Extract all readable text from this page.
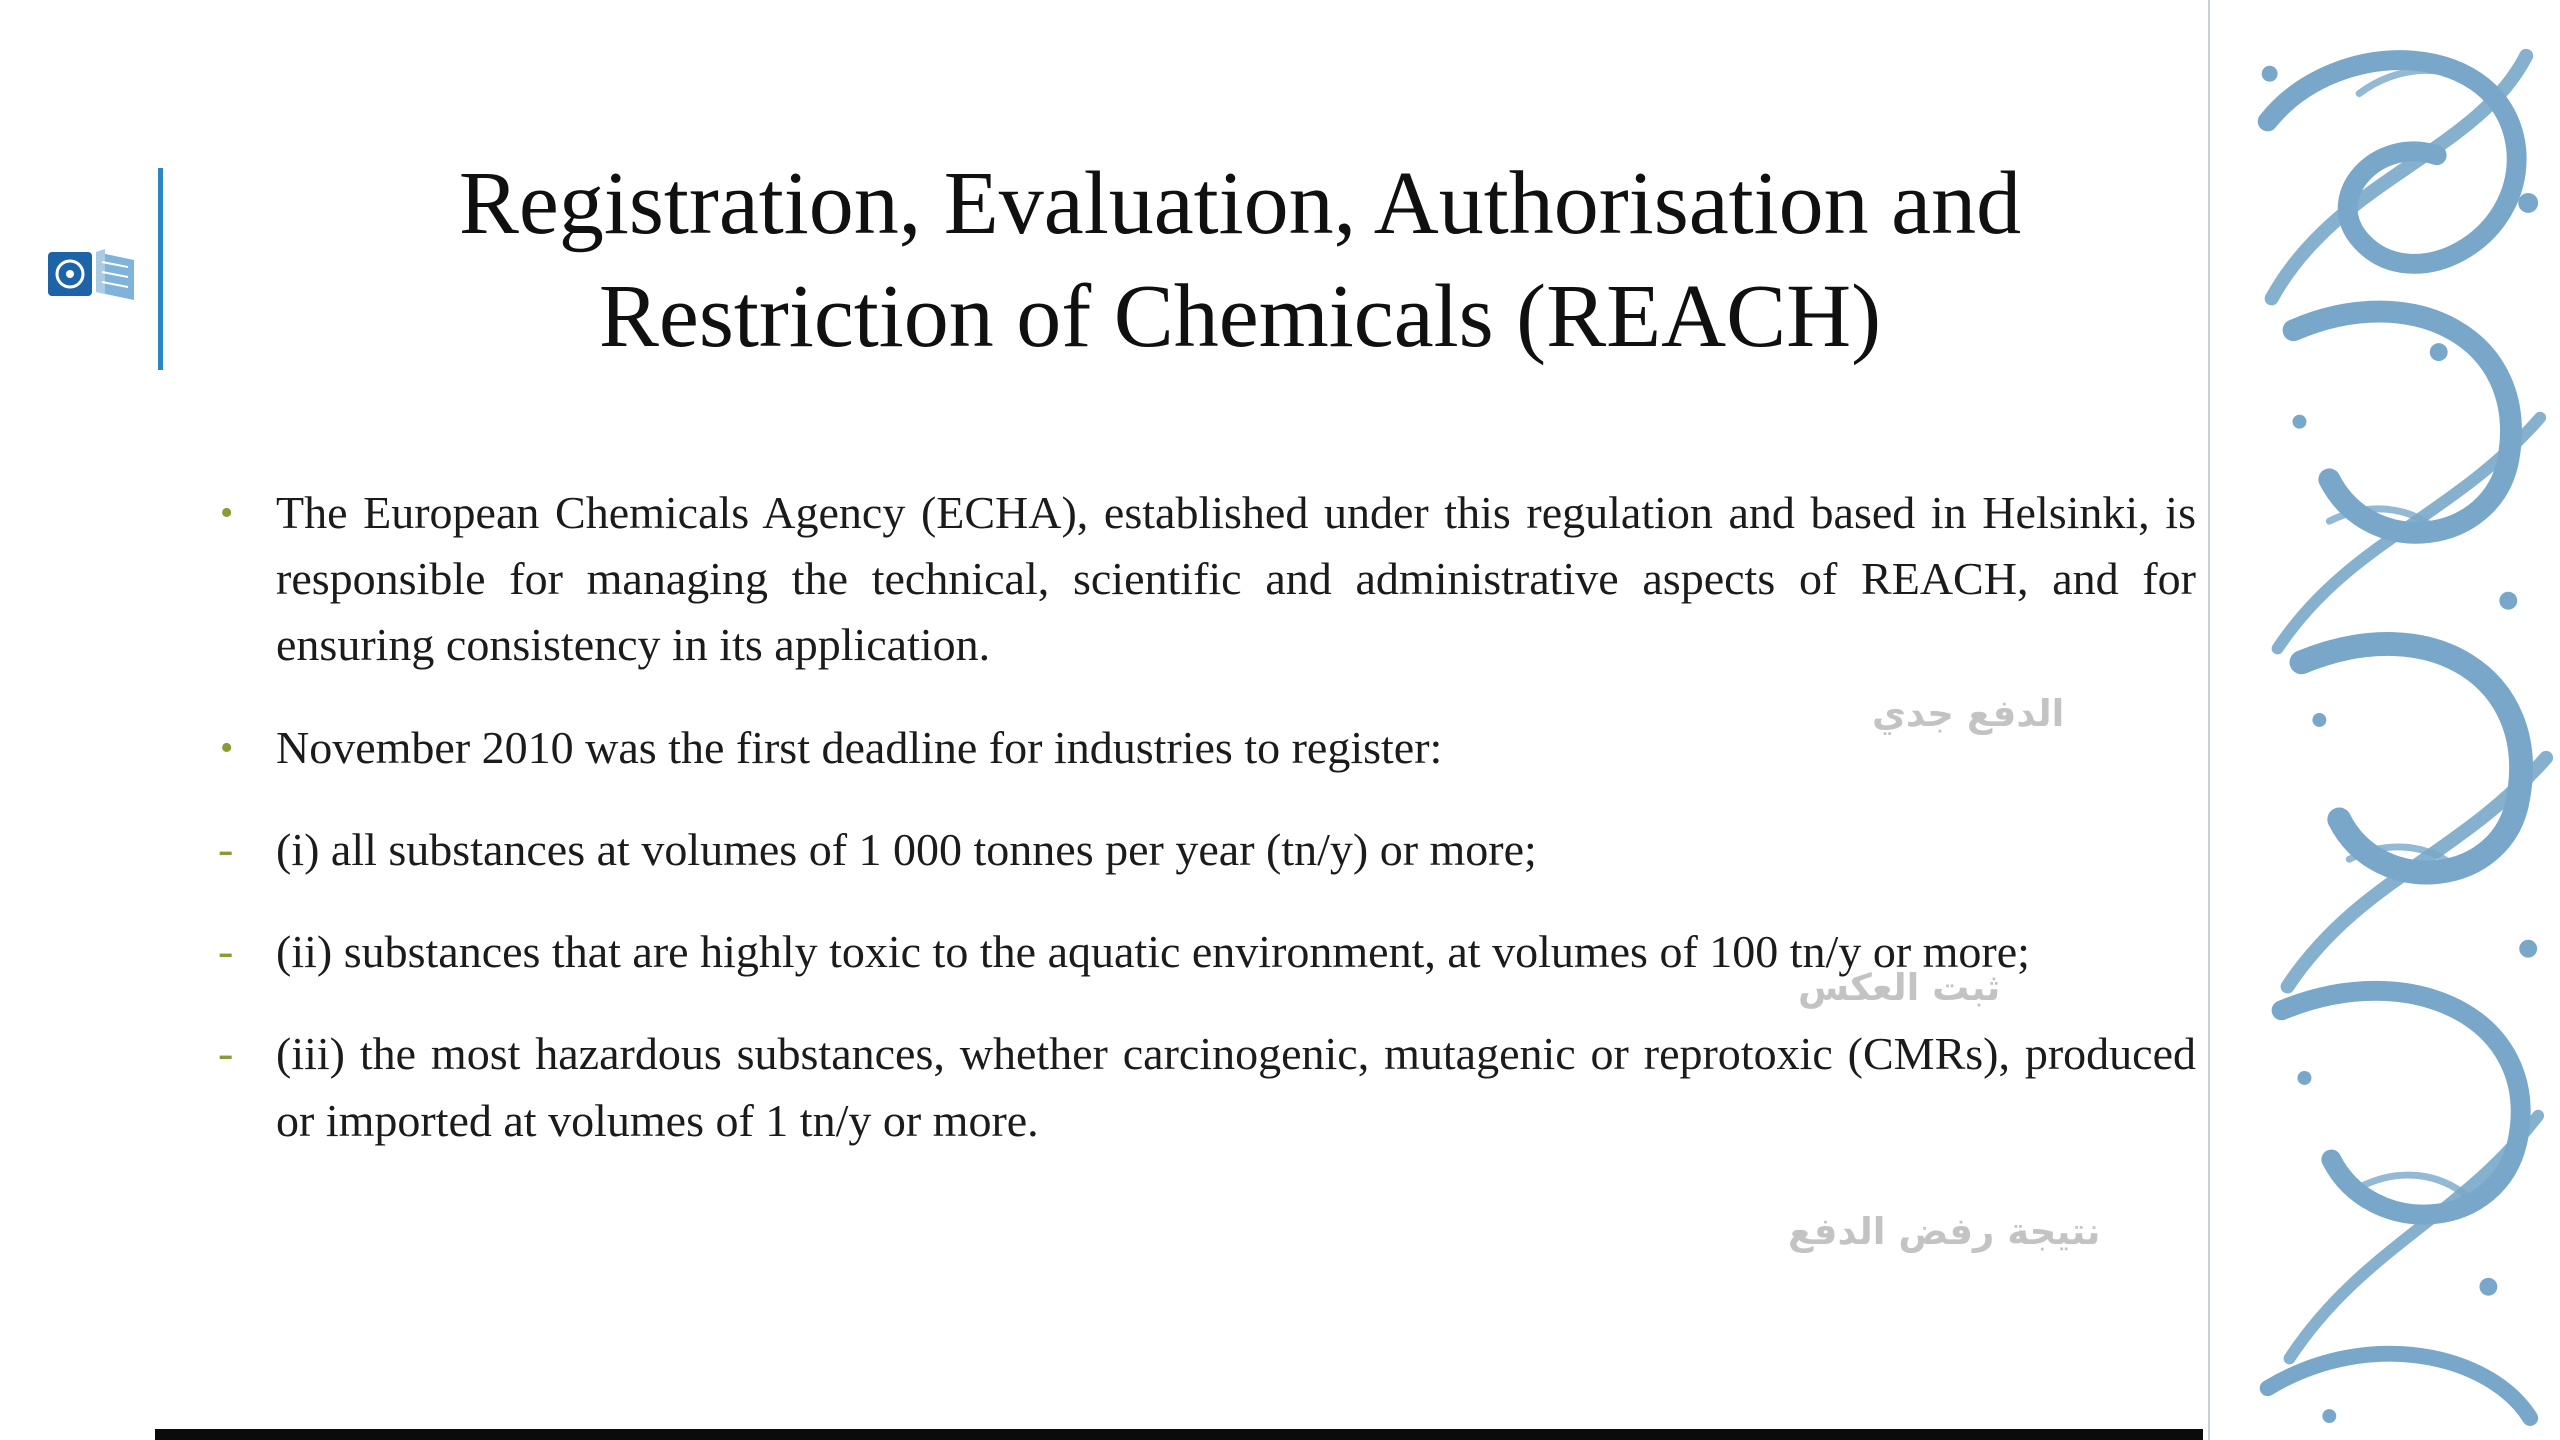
Registration, Evaluation, Authorisation and Restriction of Chemicals (REACH)
• The European Chemicals Agency (ECHA), established under this regulation and based in Helsinki, is responsible for managing the technical, scientific and administrative aspects of REACH, and for ensuring consistency in its application.

• November 2010 was the first deadline for industries to register:

- (i) all substances at volumes of 1 000 tonnes per year (tn/y) or more;

- (ii) substances that are highly toxic to the aquatic environment, at volumes of 100 tn/y or more;

- (iii) the most hazardous substances, whether carcinogenic, mutagenic or reprotoxic (CMRs), produced or imported at volumes of 1 tn/y or more.

الدفع جدي
ثبت العكس
نتيجة رفض الدفع
